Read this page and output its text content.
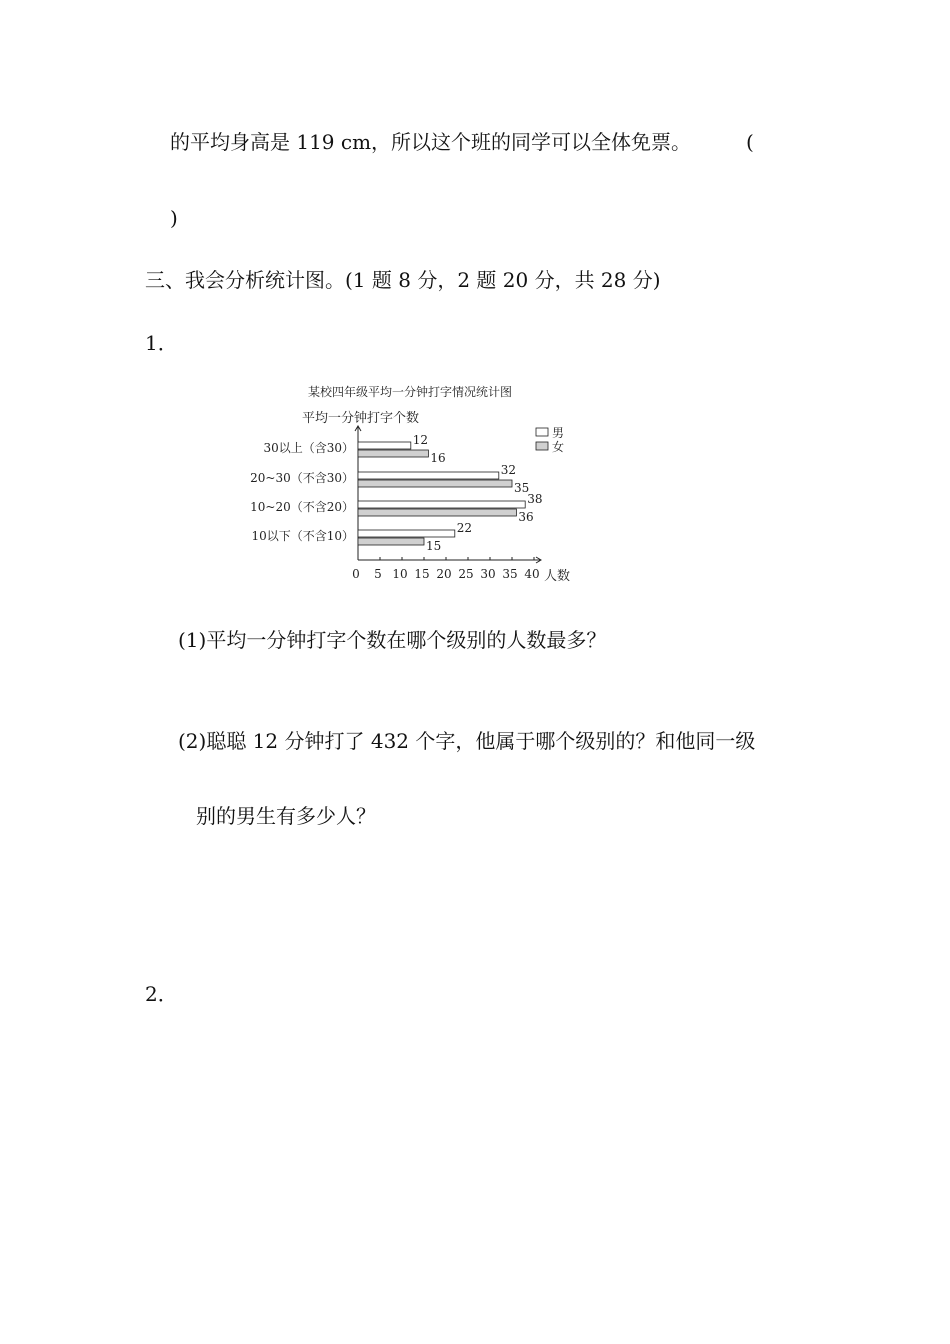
的平均身高是 119 cm，所以这个班的同学可以全体免票。	(
)
三、我会分析统计图。(1 题 8 分，2 题 20 分，共 28 分)
1．
某校四年级平均一分钟打字情况统计图
平均一分钟打字个数
男
女
12
16
32
35
38
36
22
15
30以上（含30）
20~30（不含30）
10~20（不含20）
10以下（不含10）
0 5 10 15 20 25 30 35 40 人数
(1)平均一分钟打字个数在哪个级别的人数最多？
(2)聪聪 12 分钟打了 432 个字，他属于哪个级别的？和他同一级
别的男生有多少人？
2．
